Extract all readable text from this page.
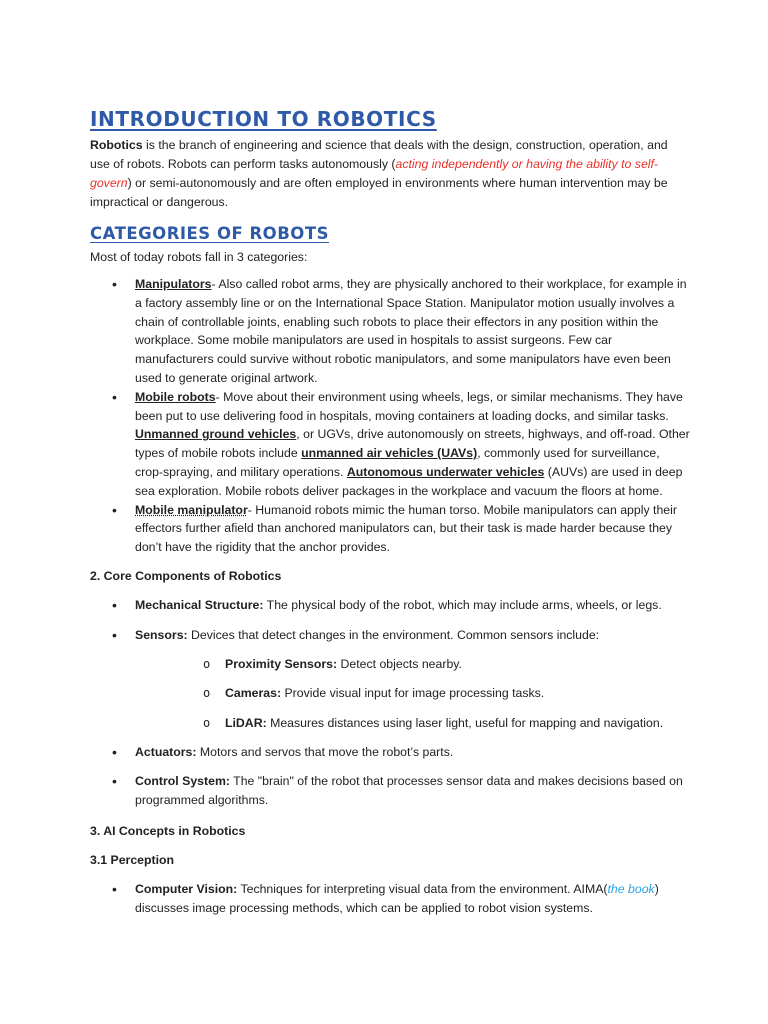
INTRODUCTION TO ROBOTICS

Robotics is the branch of engineering and science that deals with the design, construction, operation, and use of robots. Robots can perform tasks autonomously (acting independently or having the ability to self-govern) or semi-autonomously and are often employed in environments where human intervention may be impractical or dangerous.

CATEGORIES OF ROBOTS

Most of today robots fall in 3 categories:

• Manipulators- Also called robot arms, they are physically anchored to their workplace, for example in a factory assembly line or on the International Space Station. Manipulator motion usually involves a chain of controllable joints, enabling such robots to place their effectors in any position within the workplace. Some mobile manipulators are used in hospitals to assist surgeons. Few car manufacturers could survive without robotic manipulators, and some manipulators have even been used to generate original artwork.
• Mobile robots- Move about their environment using wheels, legs, or similar mechanisms. They have been put to use delivering food in hospitals, moving containers at loading docks, and similar tasks. Unmanned ground vehicles, or UGVs, drive autonomously on streets, highways, and off-road. Other types of mobile robots include unmanned air vehicles (UAVs), commonly used for surveillance, crop-spraying, and military operations. Autonomous underwater vehicles (AUVs) are used in deep sea exploration. Mobile robots deliver packages in the workplace and vacuum the floors at home.
• Mobile manipulator- Humanoid robots mimic the human torso. Mobile manipulators can apply their effectors further afield than anchored manipulators can, but their task is made harder because they don’t have the rigidity that the anchor provides.
2. Core Components of Robotics
• Mechanical Structure: The physical body of the robot, which may include arms, wheels, or legs.
• Sensors: Devices that detect changes in the environment. Common sensors include:
o Proximity Sensors: Detect objects nearby.
o Cameras: Provide visual input for image processing tasks.
o LiDAR: Measures distances using laser light, useful for mapping and navigation.
• Actuators: Motors and servos that move the robot’s parts.
• Control System: The "brain" of the robot that processes sensor data and makes decisions based on programmed algorithms.
3. AI Concepts in Robotics
3.1 Perception
• Computer Vision: Techniques for interpreting visual data from the environment. AIMA(the book) discusses image processing methods, which can be applied to robot vision systems.
